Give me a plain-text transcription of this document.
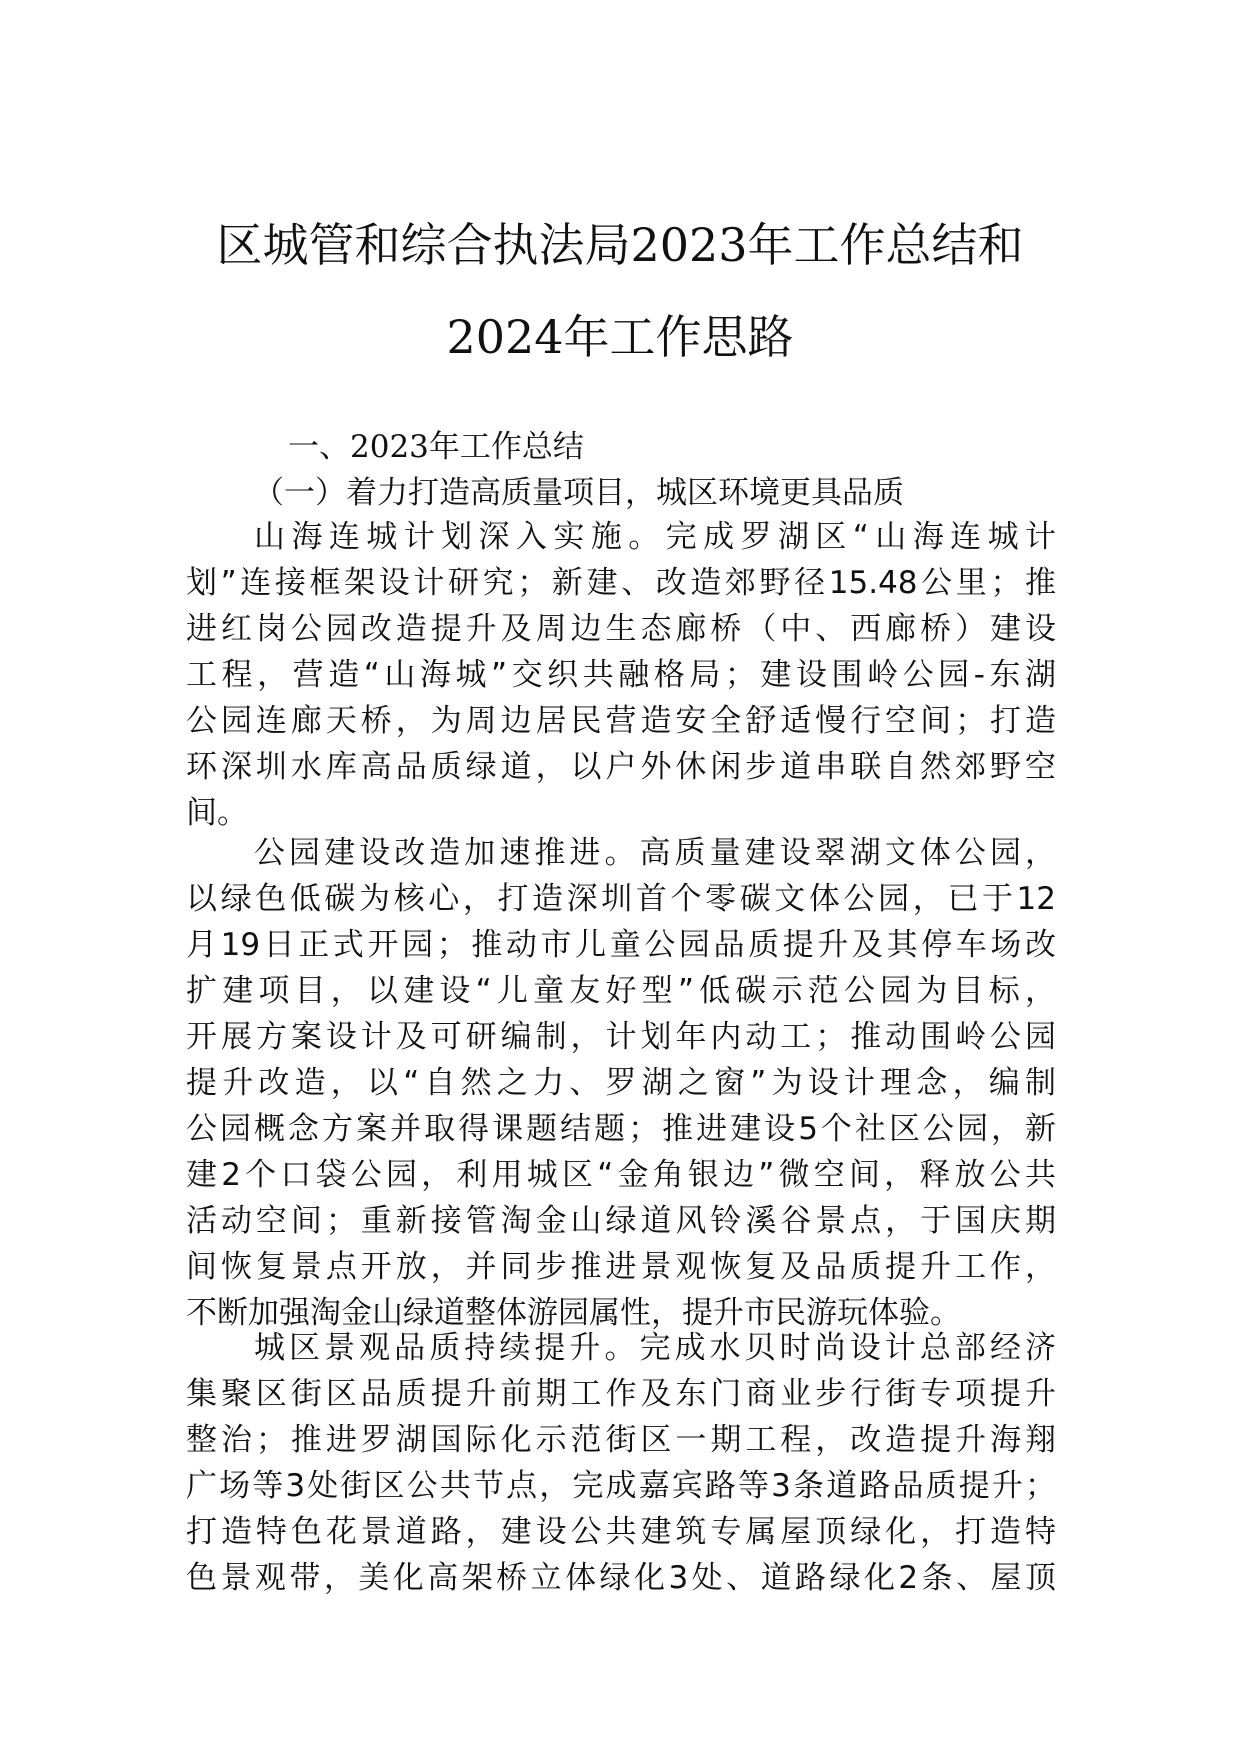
区城管和综合执法局2023年工作总结和
2024年工作思路

一、2023年工作总结

（一）着力打造高质量项目，城区环境更具品质

山海连城计划深入实施。完成罗湖区“山海连城计
划”连接框架设计研究；新建、改造郊野径15.48公里；推
进红岗公园改造提升及周边生态廊桥（中、西廊桥）建设
工程，营造“山海城”交织共融格局；建设围岭公园-东湖
公园连廊天桥，为周边居民营造安全舒适慢行空间；打造
环深圳水库高品质绿道，以户外休闲步道串联自然郊野空
间。
公园建设改造加速推进。高质量建设翠湖文体公园，
以绿色低碳为核心，打造深圳首个零碳文体公园，已于12
月19日正式开园；推动市儿童公园品质提升及其停车场改
扩建项目，以建设“儿童友好型”低碳示范公园为目标，
开展方案设计及可研编制，计划年内动工；推动围岭公园
提升改造，以“自然之力、罗湖之窗”为设计理念，编制
公园概念方案并取得课题结题；推进建设5个社区公园，新
建2个口袋公园，利用城区“金角银边”微空间，释放公共
活动空间；重新接管淘金山绿道风铃溪谷景点，于国庆期
间恢复景点开放，并同步推进景观恢复及品质提升工作，
不断加强淘金山绿道整体游园属性，提升市民游玩体验。
城区景观品质持续提升。完成水贝时尚设计总部经济
集聚区街区品质提升前期工作及东门商业步行街专项提升
整治；推进罗湖国际化示范街区一期工程，改造提升海翔
广场等3处街区公共节点，完成嘉宾路等3条道路品质提升；
打造特色花景道路，建设公共建筑专属屋顶绿化，打造特
色景观带，美化高架桥立体绿化3处、道路绿化2条、屋顶
